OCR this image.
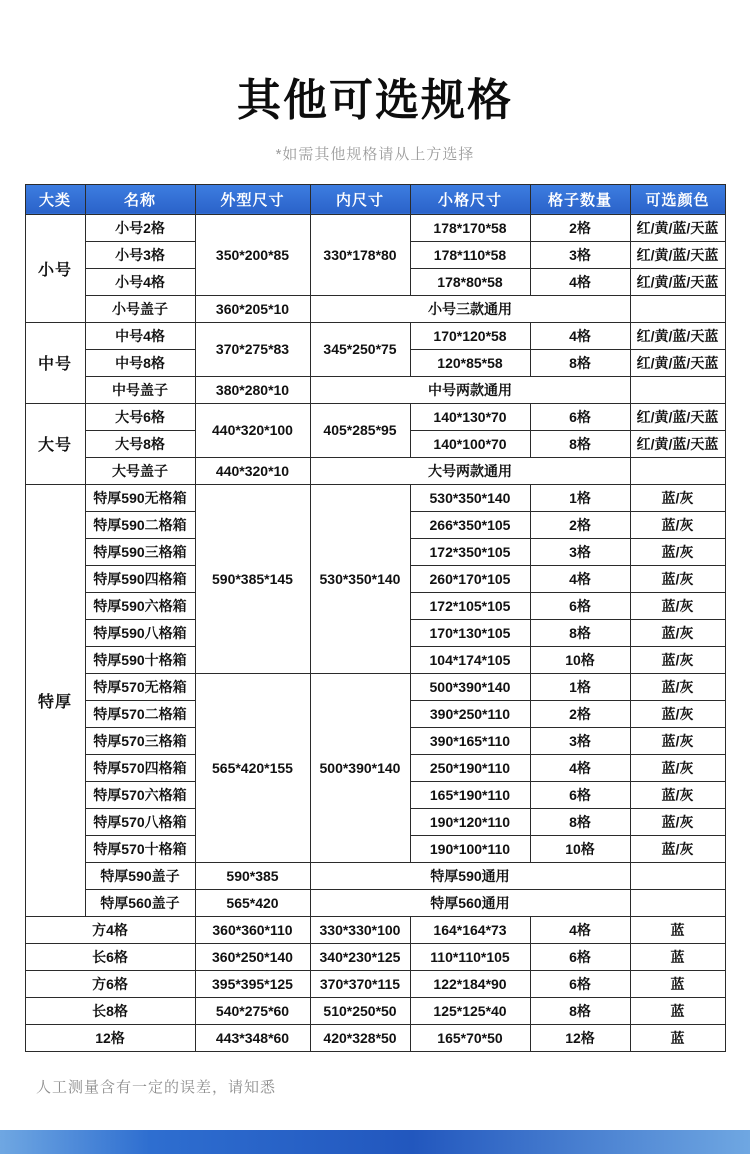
其他可选规格
*如需其他规格请从上方选择
大类	名称	外型尺寸	内尺寸	小格尺寸	格子数量	可选颜色
小号	小号2格	350*200*85	330*178*80	178*170*58	2格	红/黄/蓝/天蓝
	小号3格			178*110*58	3格	红/黄/蓝/天蓝
	小号4格			178*80*58	4格	红/黄/蓝/天蓝
	小号盖子	360*205*10	小号三款通用			
中号	中号4格	370*275*83	345*250*75	170*120*58	4格	红/黄/蓝/天蓝
	中号8格			120*85*58	8格	红/黄/蓝/天蓝
	中号盖子	380*280*10	中号两款通用			
大号	大号6格	440*320*100	405*285*95	140*130*70	6格	红/黄/蓝/天蓝
	大号8格			140*100*70	8格	红/黄/蓝/天蓝
	大号盖子	440*320*10	大号两款通用			
特厚	特厚590无格箱	590*385*145	530*350*140	530*350*140	1格	蓝/灰
	特厚590二格箱			266*350*105	2格	蓝/灰
	特厚590三格箱			172*350*105	3格	蓝/灰
	特厚590四格箱			260*170*105	4格	蓝/灰
	特厚590六格箱			172*105*105	6格	蓝/灰
	特厚590八格箱			170*130*105	8格	蓝/灰
	特厚590十格箱			104*174*105	10格	蓝/灰
	特厚570无格箱	565*420*155	500*390*140	500*390*140	1格	蓝/灰
	特厚570二格箱			390*250*110	2格	蓝/灰
	特厚570三格箱			390*165*110	3格	蓝/灰
	特厚570四格箱			250*190*110	4格	蓝/灰
	特厚570六格箱			165*190*110	6格	蓝/灰
	特厚570八格箱			190*120*110	8格	蓝/灰
	特厚570十格箱			190*100*110	10格	蓝/灰
	特厚590盖子	590*385	特厚590通用			
	特厚560盖子	565*420	特厚560通用			
方4格		360*360*110	330*330*100	164*164*73	4格	蓝
长6格		360*250*140	340*230*125	110*110*105	6格	蓝
方6格		395*395*125	370*370*115	122*184*90	6格	蓝
长8格		540*275*60	510*250*50	125*125*40	8格	蓝
12格		443*348*60	420*328*50	165*70*50	12格	蓝
人工测量含有一定的误差，请知悉
